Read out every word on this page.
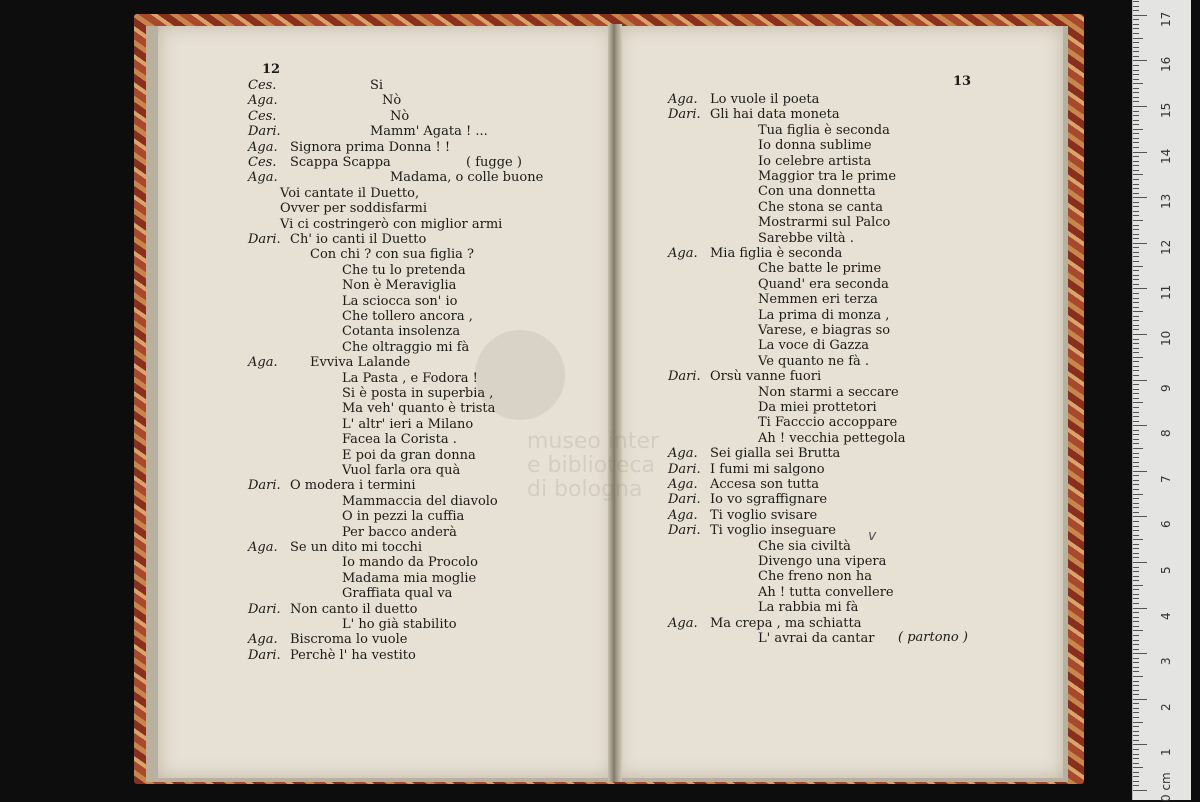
museo inter
e biblioteca
di bologna
12
13
Ces.	Si
Aga.	Nò
Ces.	Nò
Dari.	Mamm' Agata ! ...
Aga. Signora prima Donna ! !
Ces. Scappa Scappa
Aga.	Madama, o colle buone
Voi cantate il Duetto,
Ovver per soddisfarmi
Vi ci costringerò con miglior armi
Dari. Ch' io canti il Duetto
Con chi ? con sua figlia ?
Che tu lo pretenda
Non è Meraviglia
La sciocca son' io
Che tollero ancora ,
Cotanta insolenza
Che oltraggio mi fà
Aga. Evviva Lalande
La Pasta , e Fodora !
Si è posta in superbia ,
Ma veh' quanto è trista
L' altr' ieri a Milano
Facea la Corista .
E poi da gran donna
Vuol farla ora quà
Dari. O modera i termini
Mammaccia del diavolo
O in pezzi la cuffia
Per bacco anderà
Aga. Se un dito mi tocchi
Io mando da Procolo
Madama mia moglie
Graffiata qual va
Dari. Non canto il duetto
L' ho già stabilito
Aga. Biscroma lo vuole
Dari. Perchè l' ha vestito
Aga. Lo vuole il poeta
Dari. Gli hai data moneta
Tua figlia è seconda
Io donna sublime
Io celebre artista
Maggior tra le prime
Con una donnetta
Che stona se canta
Mostrarmi sul Palco
Sarebbe viltà .
Aga. Mia figlia è seconda
Che batte le prime
Quand' era seconda
Nemmen eri terza
La prima di monza ,
Varese, e biagras so
La voce di Gazza
Ve quanto ne fà .
Dari. Orsù vanne fuori
Non starmi a seccare
Da miei prottetori
Ti Facccio accoppare
Ah ! vecchia pettegola
Aga. Sei gialla sei Brutta
Dari. I fumi mi salgono
Aga. Accesa son tutta
Dari. Io vo sgraffignare
Aga. Ti voglio svisare
Dari. Ti voglio inseguare
Che sia civiltà
Divengo una vipera
Che freno non ha
Ah ! tutta convellere
La rabbia mi fà
Aga. Ma crepa , ma schiatta
L' avrai da cantar
( fugge )
( partono )
v
0 cm
1
2
3
4
5
6
7
8
9
10
11
12
13
14
15
16
17
